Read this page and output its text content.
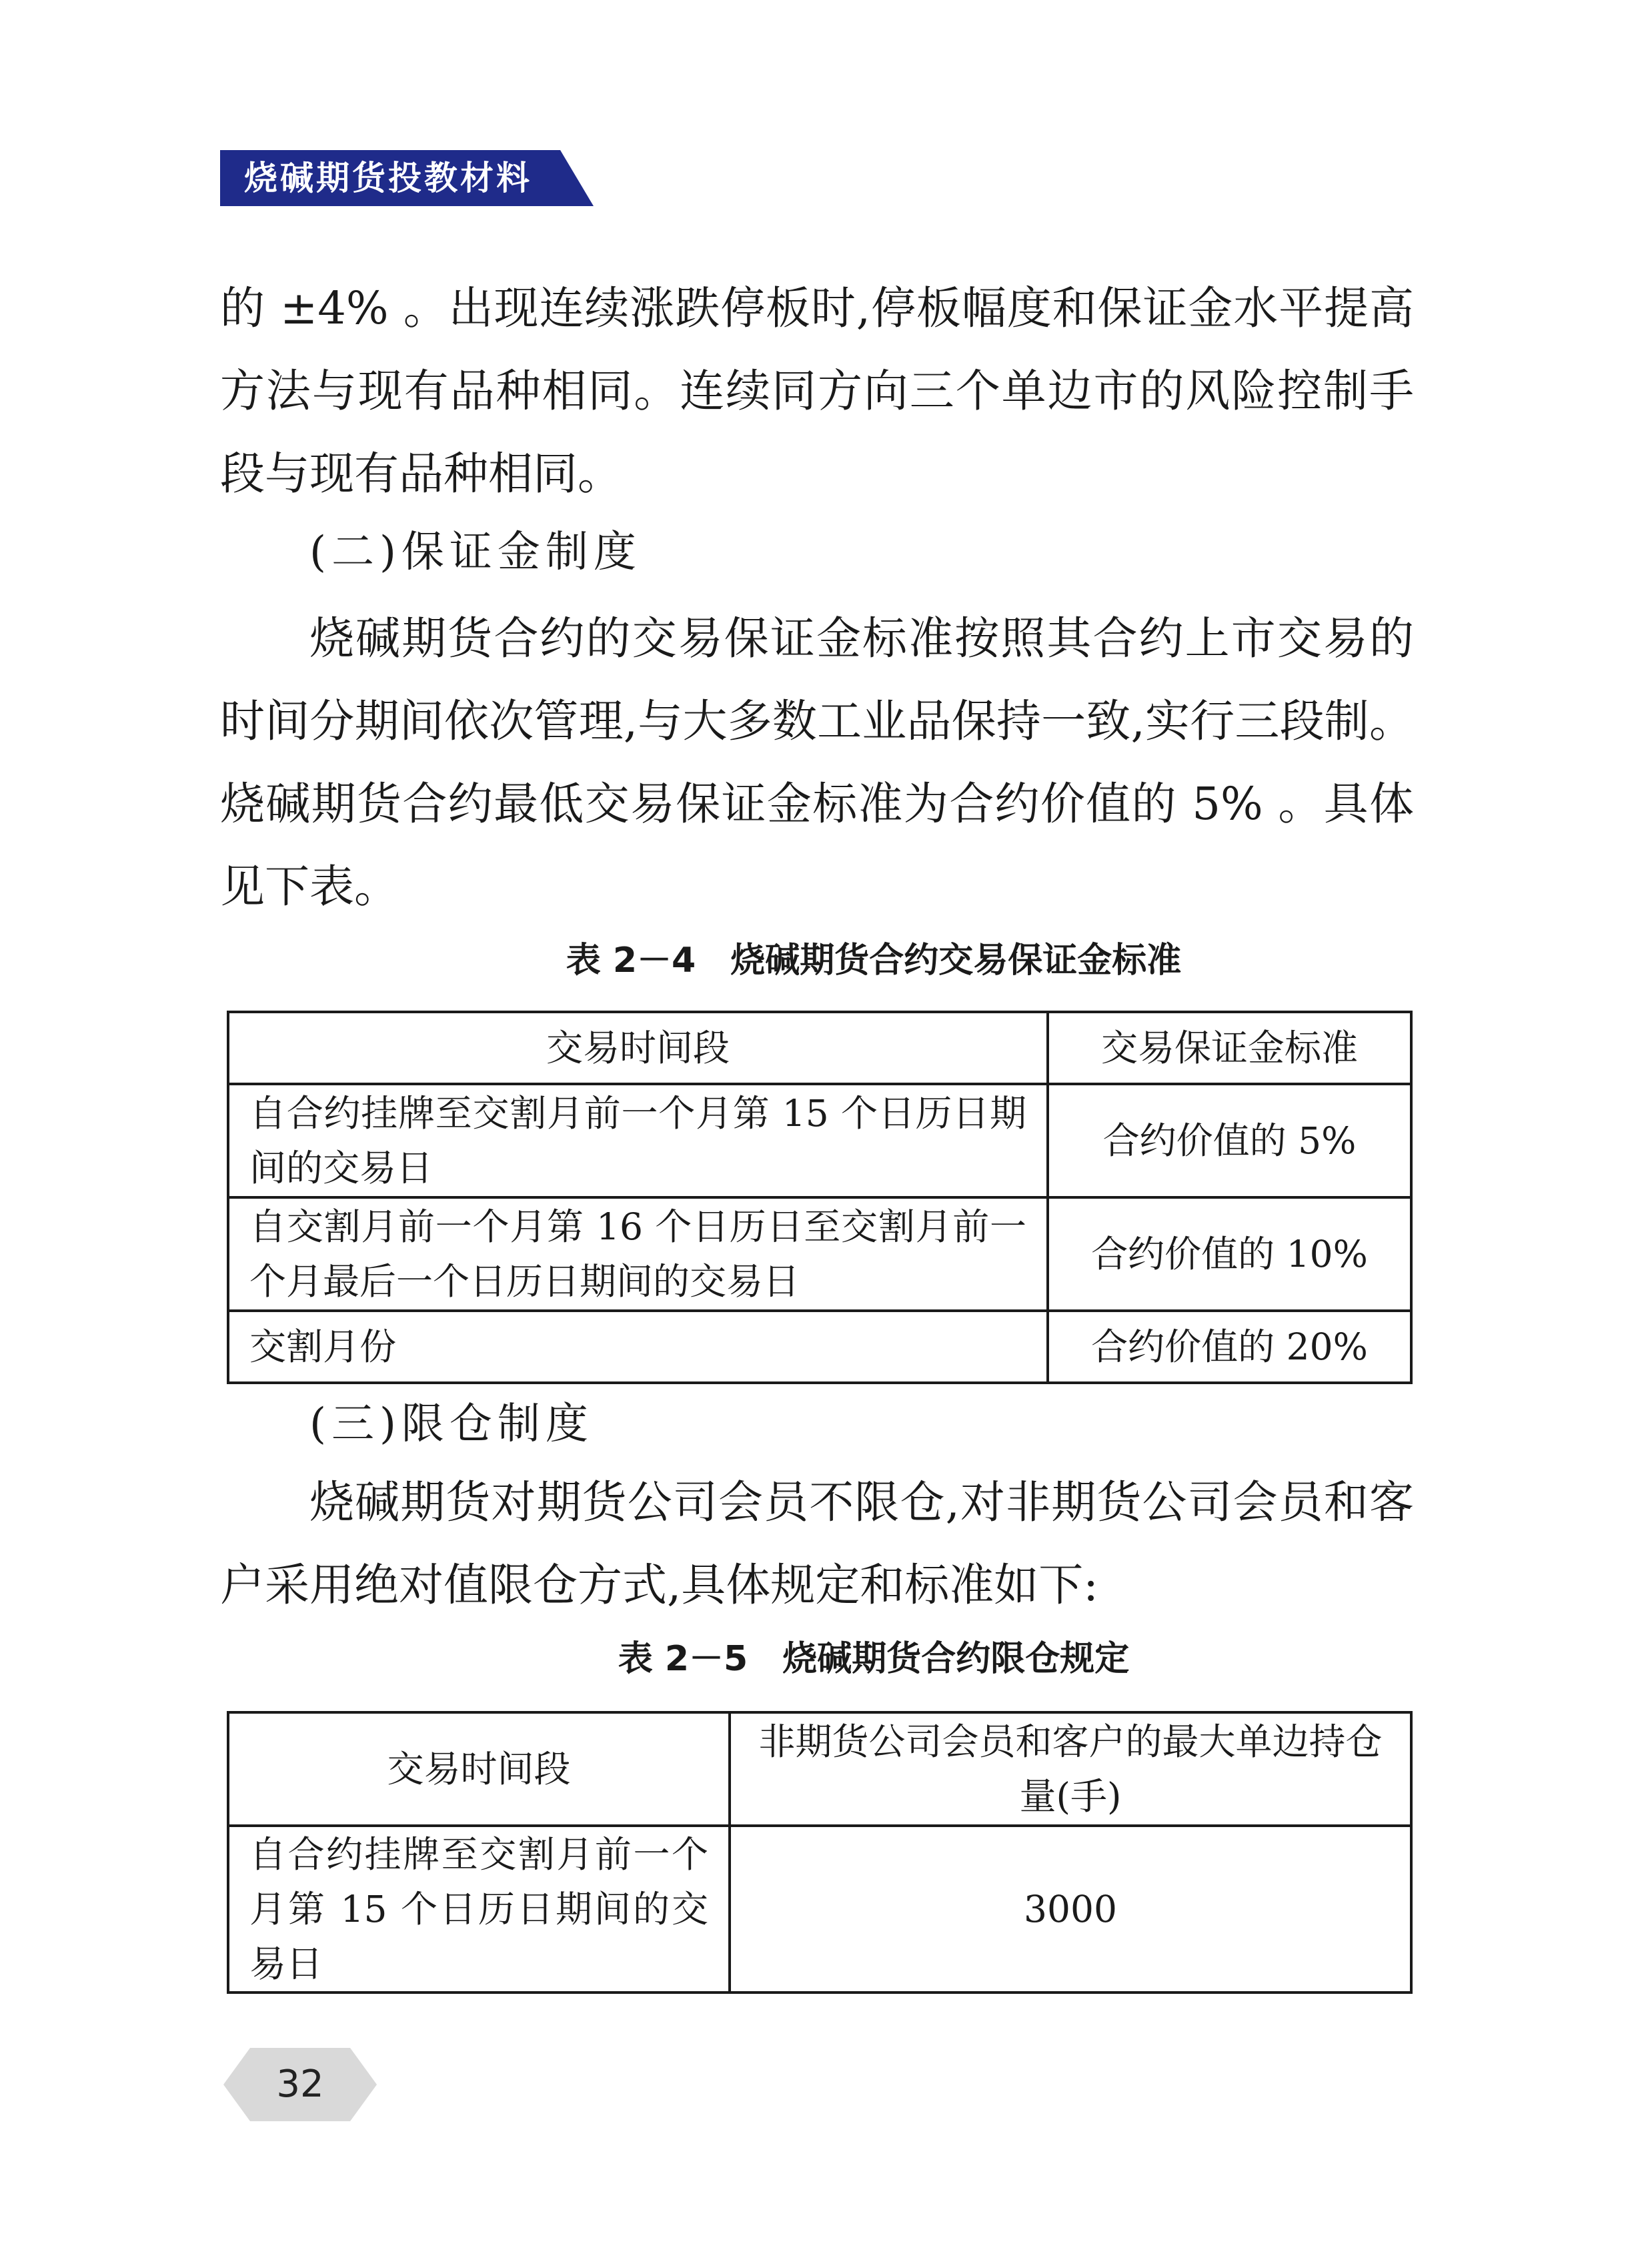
烧碱期货投教材料

的 ±4% 。出现连续涨跌停板时,停板幅度和保证金水平提高方法与现有品种相同。连续同方向三个单边市的风险控制手段与现有品种相同。

(二)保证金制度

烧碱期货合约的交易保证金标准按照其合约上市交易的时间分期间依次管理,与大多数工业品保持一致,实行三段制。烧碱期货合约最低交易保证金标准为合约价值的 5% 。具体见下表。

表 2－4　烧碱期货合约交易保证金标准
交易时间段	交易保证金标准
自合约挂牌至交割月前一个月第 15 个日历日期间的交易日	合约价值的 5%
自交割月前一个月第 16 个日历日至交割月前一个月最后一个日历日期间的交易日	合约价值的 10%
交割月份	合约价值的 20%
(三)限仓制度

烧碱期货对期货公司会员不限仓,对非期货公司会员和客户采用绝对值限仓方式,具体规定和标准如下:

表 2－5　烧碱期货合约限仓规定
交易时间段	非期货公司会员和客户的最大单边持仓量(手)
自合约挂牌至交割月前一个月第 15 个日历日期间的交易日	3000
32
